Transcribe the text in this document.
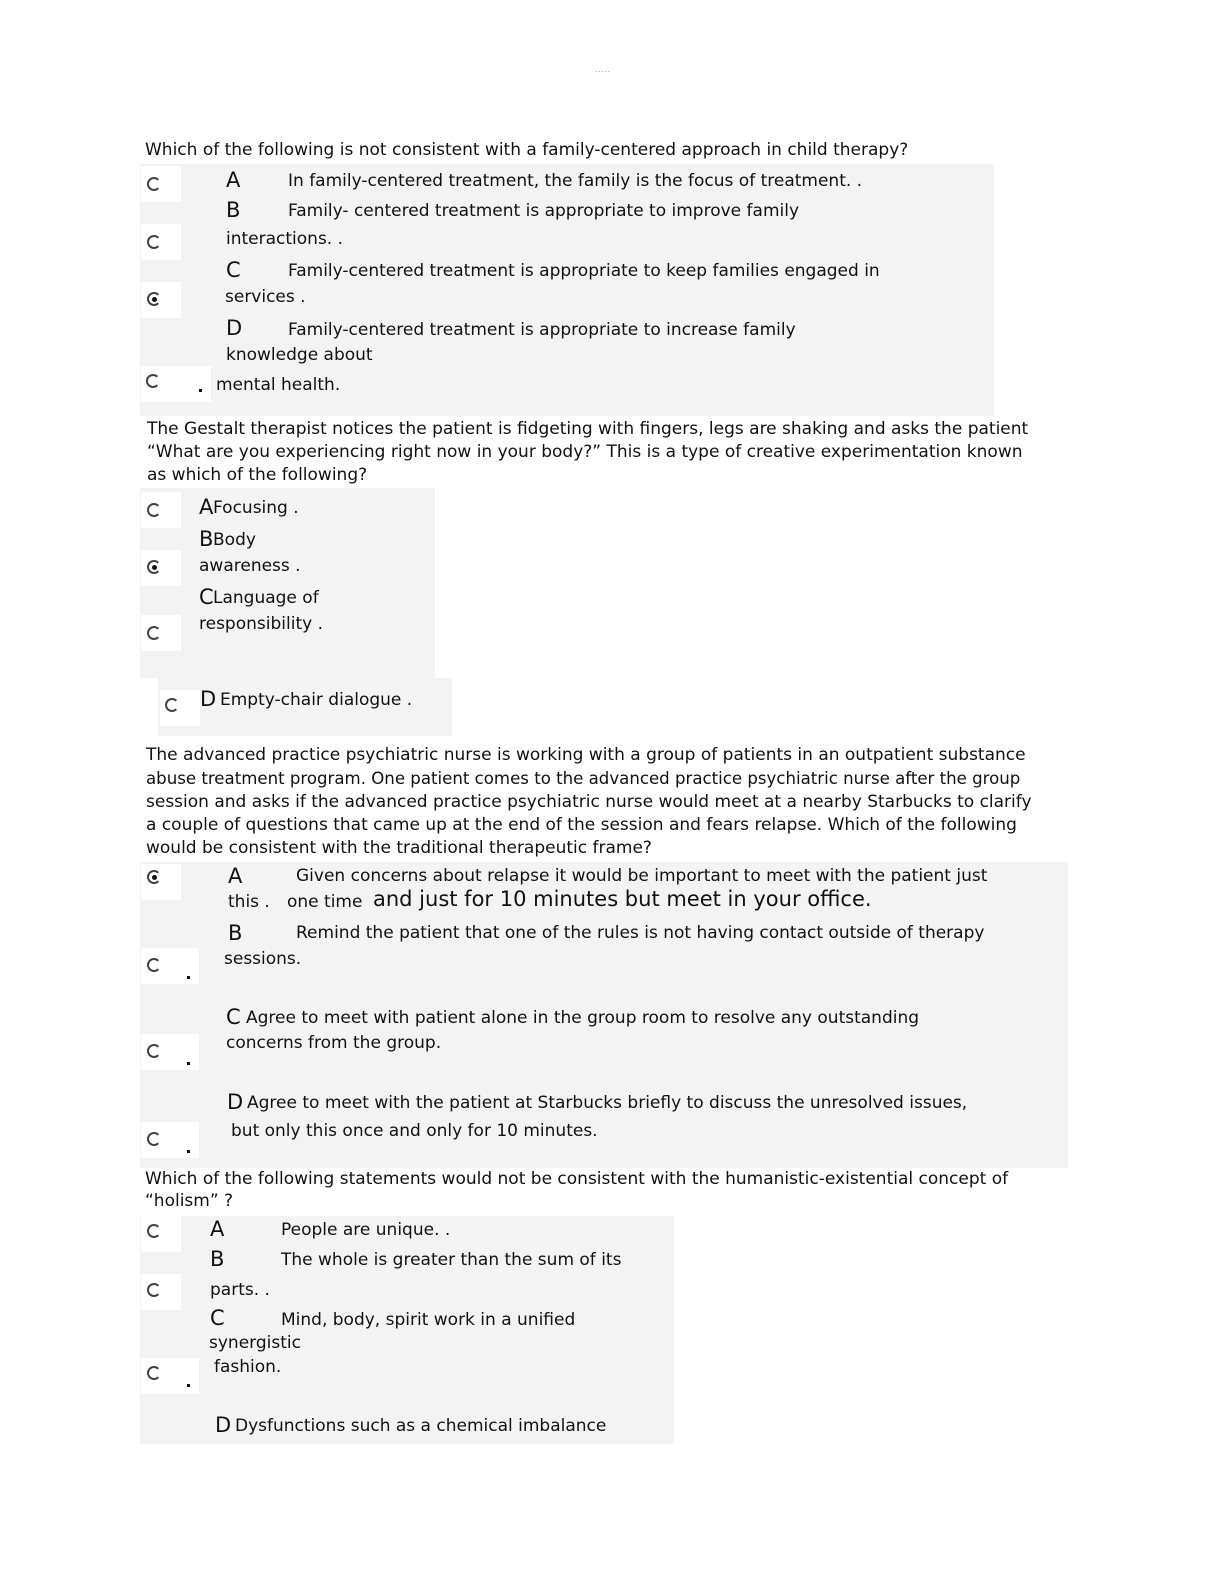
-----
Which of the following is not consistent with a family-centered approach in child therapy?
A	In family-centered treatment, the family is the focus of treatment. .
B	Family- centered treatment is appropriate to improve family
interactions. .
C	Family-centered treatment is appropriate to keep families engaged in
services .
D	Family-centered treatment is appropriate to increase family
knowledge about
mental health.
The Gestalt therapist notices the patient is fidgeting with fingers, legs are shaking and asks the patient
“What are you experiencing right now in your body?” This is a type of creative experimentation known
as which of the following?
A Focusing .
B Body
awareness .
C Language of
responsibility .
D Empty-chair dialogue .
The advanced practice psychiatric nurse is working with a group of patients in an outpatient substance
abuse treatment program. One patient comes to the advanced practice psychiatric nurse after the group
session and asks if the advanced practice psychiatric nurse would meet at a nearby Starbucks to clarify
a couple of questions that came up at the end of the session and fears relapse. Which of the following
would be consistent with the traditional therapeutic frame?
A	Given concerns about relapse it would be important to meet with the patient just
this . one time and just for 10 minutes but meet in your office.
B	Remind the patient that one of the rules is not having contact outside of therapy
sessions.
C Agree to meet with patient alone in the group room to resolve any outstanding
concerns from the group.
D Agree to meet with the patient at Starbucks briefly to discuss the unresolved issues,
but only this once and only for 10 minutes.
Which of the following statements would not be consistent with the humanistic-existential concept of
“holism” ?
A	People are unique. .
B	The whole is greater than the sum of its
parts. .
C	Mind, body, spirit work in a unified
synergistic
fashion.
D Dysfunctions such as a chemical imbalance
